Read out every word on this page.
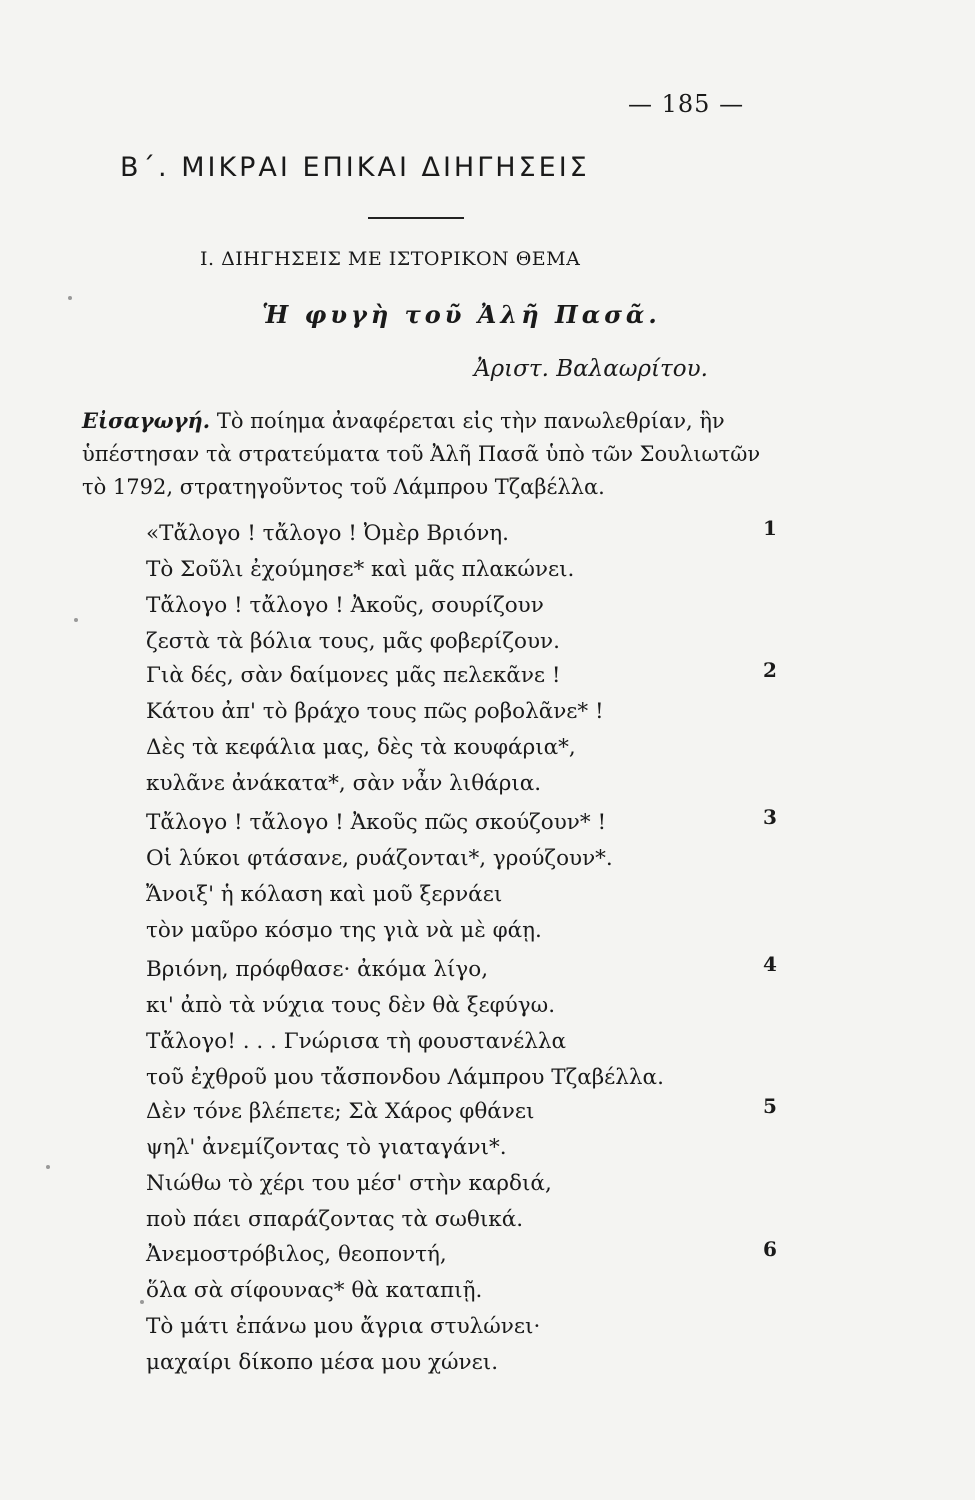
— 185 —
Β΄. ΜΙΚΡΑΙ ΕΠΙΚΑΙ ΔΙΗΓΗΣΕΙΣ
I. ΔΙΗΓΗΣΕΙΣ ΜΕ ΙΣΤΟΡΙΚΟΝ ΘΕΜΑ
Ἡ φυγὴ τοῦ Ἀλῆ Πασᾶ.
Ἀριστ. Βαλαωρίτου.
Εἰσαγωγή. Τὸ ποίημα ἀναφέρεται εἰς τὴν πανωλεθρίαν, ἣν
ὑπέστησαν τὰ στρατεύματα τοῦ Ἀλῆ Πασᾶ ὑπὸ τῶν Σουλιωτῶν
τὸ 1792, στρατηγοῦντος τοῦ Λάμπρου Τζαβέλλα.
1
«Τἄλογο ! τἄλογο ! Ὀμὲρ Βριόνη.
Τὸ Σοῦλι ἐχούμησε* καὶ μᾶς πλακώνει.
Τἄλογο ! τἄλογο ! Ἀκοῦς, σουρίζουν
ζεστὰ τὰ βόλια τους, μᾶς φοβερίζουν.
2
Γιὰ δές, σὰν δαίμονες μᾶς πελεκᾶνε !
Κάτου ἀπ' τὸ βράχο τους πῶς ροβολᾶνε* !
Δὲς τὰ κεφάλια μας, δὲς τὰ κουφάρια*,
κυλᾶνε ἀνάκατα*, σὰν νἆν λιθάρια.
3
Τἄλογο ! τἄλογο ! Ἀκοῦς πῶς σκούζουν* !
Οἱ λύκοι φτάσανε, ρυάζονται*, γρούζουν*.
Ἄνοιξ' ἡ κόλαση καὶ μοῦ ξερνάει
τὸν μαῦρο κόσμο της γιὰ νὰ μὲ φάῃ.
4
Βριόνη, πρόφθασε· ἀκόμα λίγο,
κι' ἀπὸ τὰ νύχια τους δὲν θὰ ξεφύγω.
Τἄλογο! . . . Γνώρισα τὴ φουστανέλλα
τοῦ ἐχθροῦ μου τἄσπονδου Λάμπρου Τζαβέλλα.
5
Δὲν τόνε βλέπετε; Σὰ Χάρος φθάνει
ψηλ' ἀνεμίζοντας τὸ γιαταγάνι*.
Νιώθω τὸ χέρι του μέσ' στὴν καρδιά,
ποὺ πάει σπαράζοντας τὰ σωθικά.
6
Ἀνεμοστρόβιλος, θεοποντή,
ὅλα σὰ σίφουνας* θὰ καταπιῇ.
Τὸ μάτι ἐπάνω μου ἄγρια στυλώνει·
μαχαίρι δίκοπο μέσα μου χώνει.
